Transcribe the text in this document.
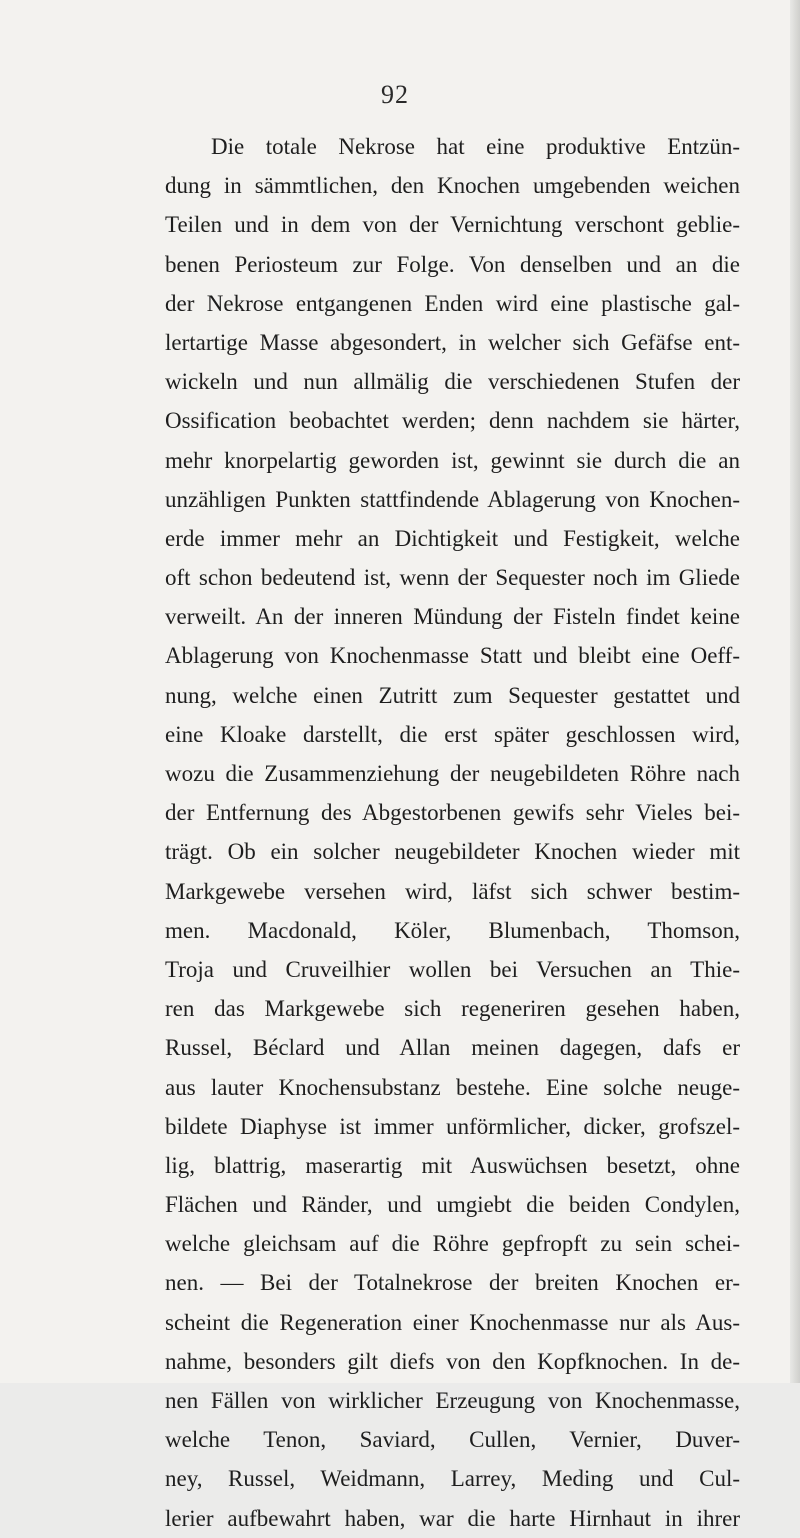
92
Die totale Nekrose hat eine produktive Entzün-
dung in sämmtlichen, den Knochen umgebenden weichen
Teilen und in dem von der Vernichtung verschont geblie-
benen Periosteum zur Folge. Von denselben und an die
der Nekrose entgangenen Enden wird eine plastische gal-
lertartige Masse abgesondert, in welcher sich Gefäfse ent-
wickeln und nun allmälig die verschiedenen Stufen der
Ossification beobachtet werden; denn nachdem sie härter,
mehr knorpelartig geworden ist, gewinnt sie durch die an
unzähligen Punkten stattfindende Ablagerung von Knochen-
erde immer mehr an Dichtigkeit und Festigkeit, welche
oft schon bedeutend ist, wenn der Sequester noch im Gliede
verweilt. An der inneren Mündung der Fisteln findet keine
Ablagerung von Knochenmasse Statt und bleibt eine Oeff-
nung, welche einen Zutritt zum Sequester gestattet und
eine Kloake darstellt, die erst später geschlossen wird,
wozu die Zusammenziehung der neugebildeten Röhre nach
der Entfernung des Abgestorbenen gewifs sehr Vieles bei-
trägt. Ob ein solcher neugebildeter Knochen wieder mit
Markgewebe versehen wird, läfst sich schwer bestim-
men. Macdonald, Köler, Blumenbach, Thomson,
Troja und Cruveilhier wollen bei Versuchen an Thie-
ren das Markgewebe sich regeneriren gesehen haben,
Russel, Béclard und Allan meinen dagegen, dafs er
aus lauter Knochensubstanz bestehe. Eine solche neuge-
bildete Diaphyse ist immer unförmlicher, dicker, grofszel-
lig, blattrig, maserartig mit Auswüchsen besetzt, ohne
Flächen und Ränder, und umgiebt die beiden Condylen,
welche gleichsam auf die Röhre gepfropft zu sein schei-
nen. — Bei der Totalnekrose der breiten Knochen er-
scheint die Regeneration einer Knochenmasse nur als Aus-
nahme, besonders gilt diefs von den Kopfknochen. In de-
nen Fällen von wirklicher Erzeugung von Knochenmasse,
welche Tenon, Saviard, Cullen, Vernier, Duver-
ney, Russel, Weidmann, Larrey, Meding und Cul-
lerier aufbewahrt haben, war die harte Hirnhaut in ihrer
